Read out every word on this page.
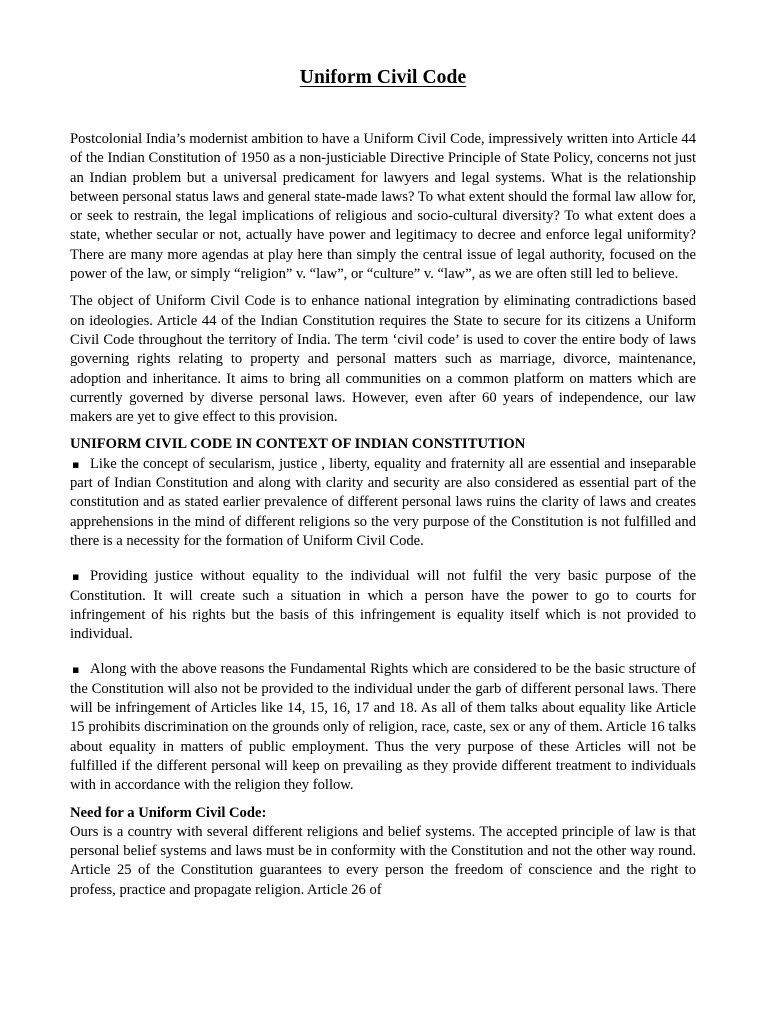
Uniform Civil Code

Postcolonial India’s modernist ambition to have a Uniform Civil Code, impressively written into Article 44 of the Indian Constitution of 1950 as a non-justiciable Directive Principle of State Policy, concerns not just an Indian problem but a universal predicament for lawyers and legal systems. What is the relationship between personal status laws and general state-made laws? To what extent should the formal law allow for, or seek to restrain, the legal implications of religious and socio-cultural diversity? To what extent does a state, whether secular or not, actually have power and legitimacy to decree and enforce legal uniformity? There are many more agendas at play here than simply the central issue of legal authority, focused on the power of the law, or simply “religion” v. “law”, or “culture” v. “law”, as we are often still led to believe.

The object of Uniform Civil Code is to enhance national integration by eliminating contradictions based on ideologies. Article 44 of the Indian Constitution requires the State to secure for its citizens a Uniform Civil Code throughout the territory of India. The term ‘civil code’ is used to cover the entire body of laws governing rights relating to property and personal matters such as marriage, divorce, maintenance, adoption and inheritance. It aims to bring all communities on a common platform on matters which are currently governed by diverse personal laws. However, even after 60 years of independence, our law makers are yet to give effect to this provision.

UNIFORM CIVIL CODE IN CONTEXT OF INDIAN CONSTITUTION

▪ Like the concept of secularism, justice , liberty, equality and fraternity all are essential and inseparable part of Indian Constitution and along with clarity and security are also considered as essential part of the constitution and as stated earlier prevalence of different personal laws ruins the clarity of laws and creates apprehensions in the mind of different religions so the very purpose of the Constitution is not fulfilled and there is a necessity for the formation of Uniform Civil Code.

▪ Providing justice without equality to the individual will not fulfil the very basic purpose of the Constitution. It will create such a situation in which a person have the power to go to courts for infringement of his rights but the basis of this infringement is equality itself which is not provided to individual.

▪ Along with the above reasons the Fundamental Rights which are considered to be the basic structure of the Constitution will also not be provided to the individual under the garb of different personal laws. There will be infringement of Articles like 14, 15, 16, 17 and 18. As all of them talks about equality like Article 15 prohibits discrimination on the grounds only of religion, race, caste, sex or any of them. Article 16 talks about equality in matters of public employment. Thus the very purpose of these Articles will not be fulfilled if the different personal will keep on prevailing as they provide different treatment to individuals with in accordance with the religion they follow.

Need for a Uniform Civil Code:

Ours is a country with several different religions and belief systems. The accepted principle of law is that personal belief systems and laws must be in conformity with the Constitution and not the other way round. Article 25 of the Constitution guarantees to every person the freedom of conscience and the right to profess, practice and propagate religion. Article 26 of
